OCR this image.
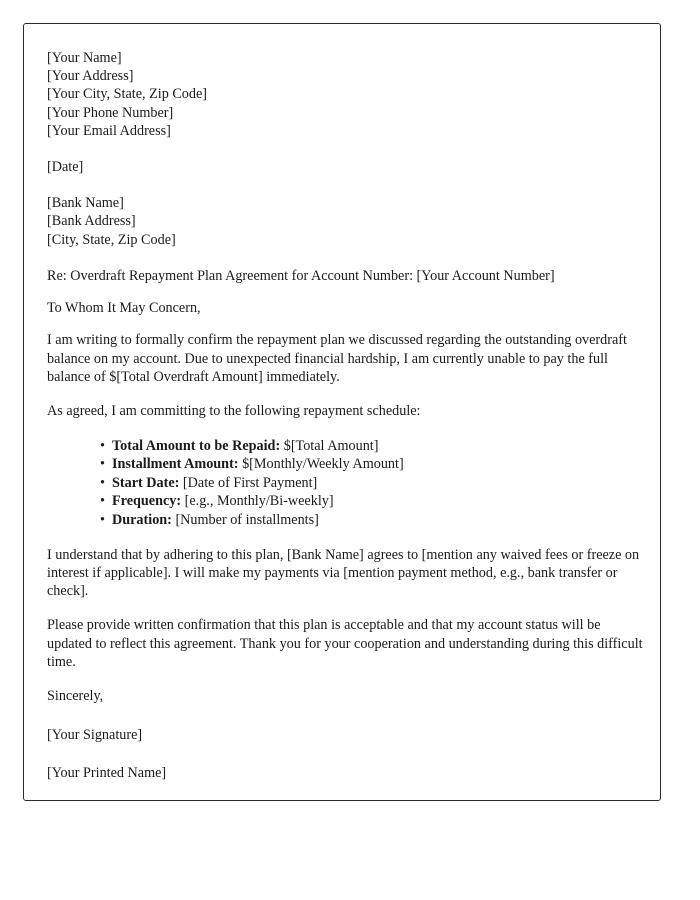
[Your Name]
[Your Address]
[Your City, State, Zip Code]
[Your Phone Number]
[Your Email Address]
[Date]
[Bank Name]
[Bank Address]
[City, State, Zip Code]

Re: Overdraft Repayment Plan Agreement for Account Number: [Your Account Number]

To Whom It May Concern,

I am writing to formally confirm the repayment plan we discussed regarding the outstanding overdraft balance on my account. Due to unexpected financial hardship, I am currently unable to pay the full balance of $[Total Overdraft Amount] immediately.

As agreed, I am committing to the following repayment schedule:

• Total Amount to be Repaid: $[Total Amount]
• Installment Amount: $[Monthly/Weekly Amount]
• Start Date: [Date of First Payment]
• Frequency: [e.g., Monthly/Bi-weekly]
• Duration: [Number of installments]

I understand that by adhering to this plan, [Bank Name] agrees to [mention any waived fees or freeze on interest if applicable]. I will make my payments via [mention payment method, e.g., bank transfer or check].

Please provide written confirmation that this plan is acceptable and that my account status will be updated to reflect this agreement. Thank you for your cooperation and understanding during this difficult time.

Sincerely,
[Your Signature]
[Your Printed Name]
